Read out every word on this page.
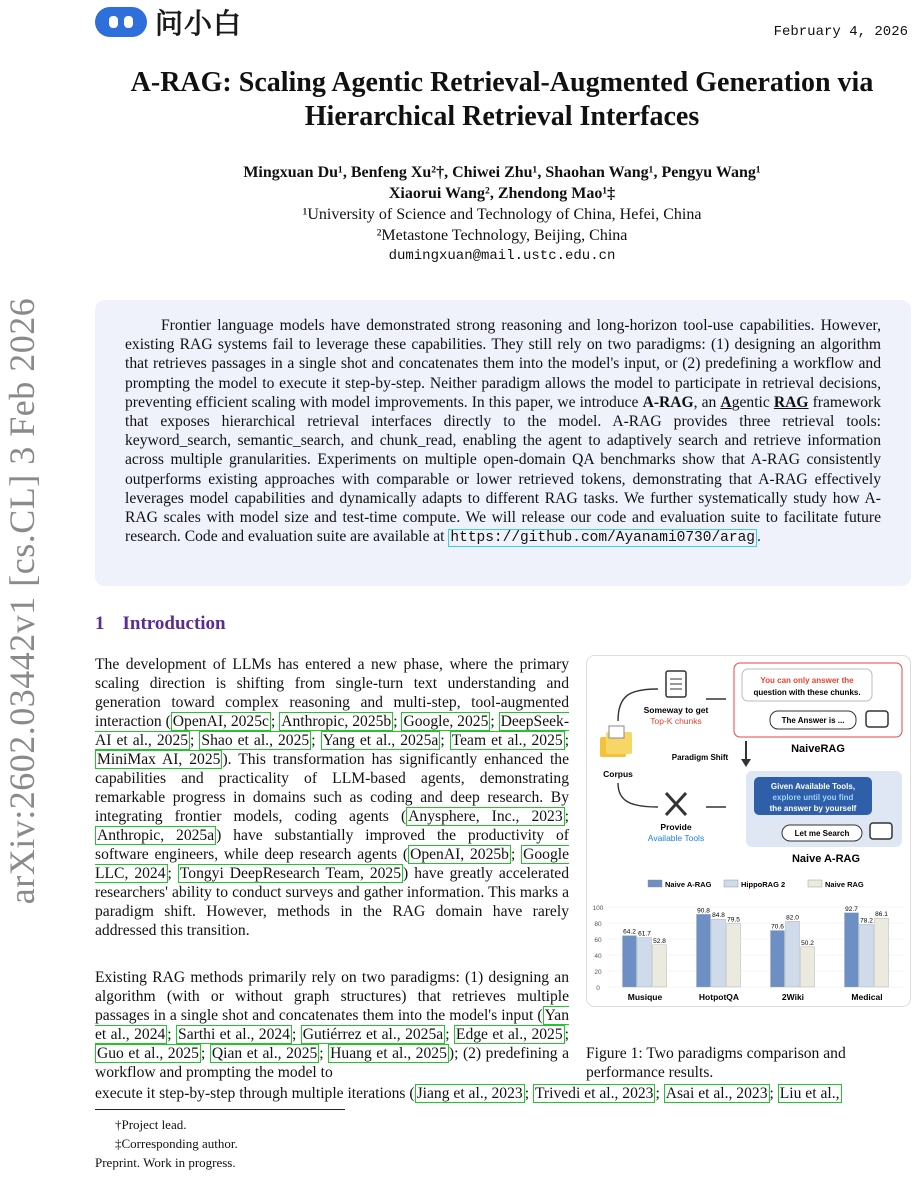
问小白	February 4, 2026
arXiv:2602.03442v1 [cs.CL] 3 Feb 2026
A-RAG: Scaling Agentic Retrieval-Augmented Generation via
Hierarchical Retrieval Interfaces
Mingxuan Du¹, Benfeng Xu²†, Chiwei Zhu¹, Shaohan Wang¹, Pengyu Wang¹
Xiaorui Wang², Zhendong Mao¹‡
¹University of Science and Technology of China, Hefei, China
²Metastone Technology, Beijing, China
dumingxuan@mail.ustc.edu.cn
Frontier language models have demonstrated strong reasoning and long-horizon tool-use capabilities. However, existing RAG systems fail to leverage these capabilities. They still rely on two paradigms: (1) designing an algorithm that retrieves passages in a single shot and concatenates them into the model's input, or (2) predefining a workflow and prompting the model to execute it step-by-step. Neither paradigm allows the model to participate in retrieval decisions, preventing efficient scaling with model improvements. In this paper, we introduce A-RAG, an Agentic RAG framework that exposes hierarchical retrieval interfaces directly to the model. A-RAG provides three retrieval tools: keyword_search, semantic_search, and chunk_read, enabling the agent to adaptively search and retrieve information across multiple granularities. Experiments on multiple open-domain QA benchmarks show that A-RAG consistently outperforms existing approaches with comparable or lower retrieved tokens, demonstrating that A-RAG effectively leverages model capabilities and dynamically adapts to different RAG tasks. We further systematically study how A-RAG scales with model size and test-time compute. We will release our code and evaluation suite to facilitate future research. Code and evaluation suite are available at https://github.com/Ayanami0730/arag .
1 Introduction

The development of LLMs has entered a new phase, where the primary scaling direction is shifting from single-turn text understanding and generation toward complex reasoning and multi-step, tool-augmented interaction ( OpenAI, 2025c ; Anthropic, 2025b ; Google, 2025 ; DeepSeek-AI et al., 2025 ; Shao et al., 2025 ; Yang et al., 2025a ; Team et al., 2025 ; MiniMax AI, 2025 ). This transformation has significantly enhanced the capabilities and practicality of LLM-based agents, demonstrating remarkable progress in domains such as coding and deep research. By integrating frontier models, coding agents ( Anysphere, Inc., 2023 ; Anthropic, 2025a ) have substantially improved the productivity of software engineers, while deep research agents ( OpenAI, 2025b ; Google LLC, 2024 ; Tongyi DeepResearch Team, 2025 ) have greatly accelerated researchers' ability to conduct surveys and gather information. This marks a paradigm shift. However, methods in the RAG domain have rarely addressed this transition.

Existing RAG methods primarily rely on two paradigms: (1) designing an algorithm (with or without graph structures) that retrieves multiple passages in a single shot and concatenates them into the model's input ( Yan et al., 2024 ; Sarthi et al., 2024 ; Gutiérrez et al., 2025a ; Edge et al., 2025 ; Guo et al., 2025 ; Qian et al., 2025 ; Huang et al., 2025 ); (2) predefining a workflow and prompting the model to

execute it step-by-step through multiple iterations ( Jiang et al., 2023 ; Trivedi et al., 2023 ; Asai et al., 2023 ; Liu et al.,

Corpus
Someway to get
Top-K chunks
Provide
Available Tools
Paradigm Shift
You can only answer the
question with these chunks.
The Answer is ...
NaiveRAG
Given Available Tools,
explore until you find
the answer by yourself
Let me Search
Naive A-RAG
Naive A-RAG	HippoRAG 2	Naive RAG
0
20
40
60
80
100
64.2 61.7
52.8
Musique
90.8
84.8
79.5
HotpotQA
70.6
82.0
50.2
2Wiki
92.7
78.2
86.1
Medical
Figure 1: Two paradigms comparison and performance results.
†Project lead.
‡Corresponding author.
Preprint. Work in progress.
